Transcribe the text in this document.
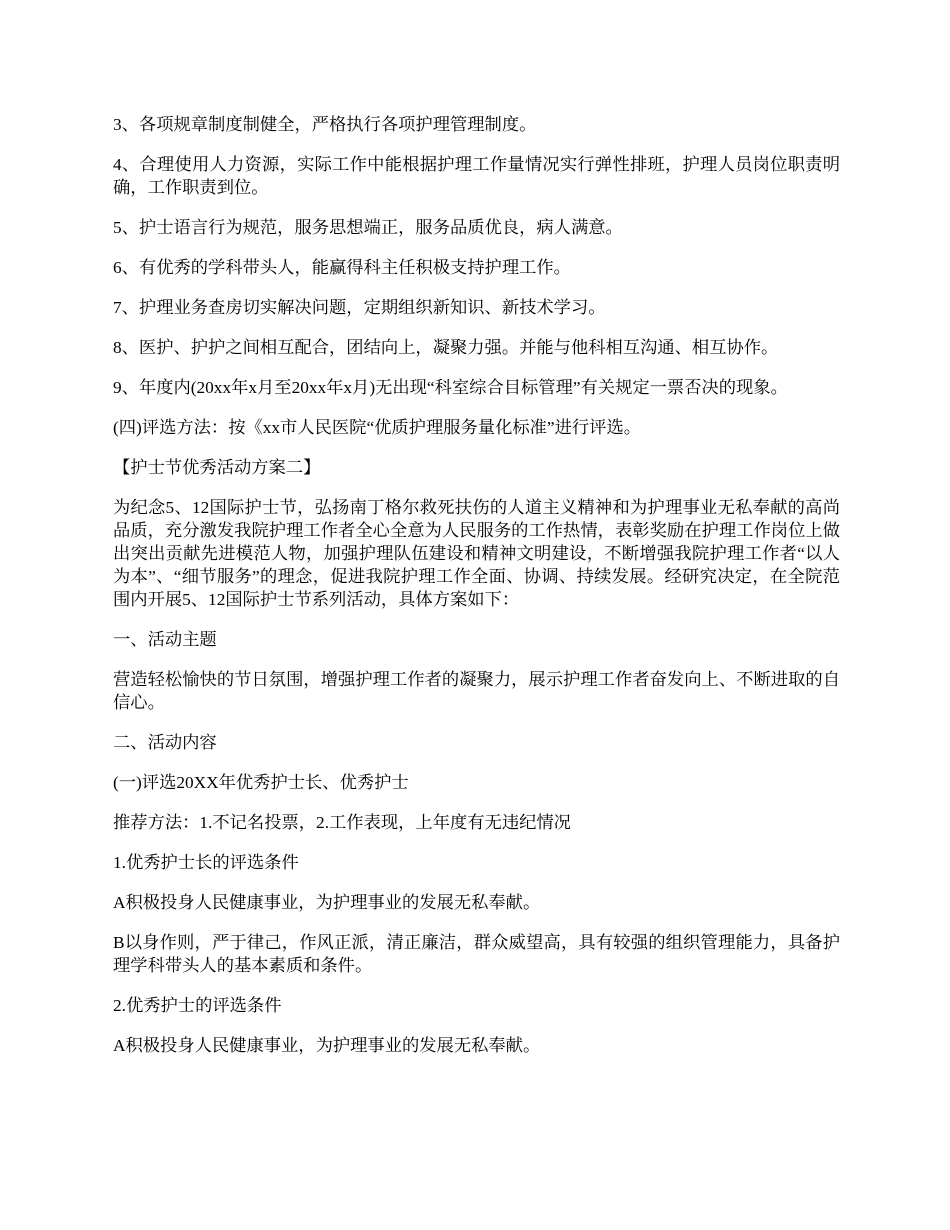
3、各项规章制度制健全，严格执行各项护理管理制度。

4、合理使用人力资源，实际工作中能根据护理工作量情况实行弹性排班，护理人员岗位职责明确，工作职责到位。

5、护士语言行为规范，服务思想端正，服务品质优良，病人满意。

6、有优秀的学科带头人，能赢得科主任积极支持护理工作。

7、护理业务查房切实解决问题，定期组织新知识、新技术学习。

8、医护、护护之间相互配合，团结向上，凝聚力强。并能与他科相互沟通、相互协作。

9、年度内(20xx年x月至20xx年x月)无出现“科室综合目标管理”有关规定一票否决的现象。

(四)评选方法：按《xx市人民医院“优质护理服务量化标准”进行评选。

【护士节优秀活动方案二】

为纪念5、12国际护士节，弘扬南丁格尔救死扶伤的人道主义精神和为护理事业无私奉献的高尚品质，充分激发我院护理工作者全心全意为人民服务的工作热情，表彰奖励在护理工作岗位上做出突出贡献先进模范人物，加强护理队伍建设和精神文明建设，不断增强我院护理工作者“以人为本”、“细节服务”的理念，促进我院护理工作全面、协调、持续发展。经研究决定，在全院范围内开展5、12国际护士节系列活动，具体方案如下：

一、活动主题

营造轻松愉快的节日氛围，增强护理工作者的凝聚力，展示护理工作者奋发向上、不断进取的自信心。

二、活动内容

(一)评选20XX年优秀护士长、优秀护士

推荐方法：1.不记名投票，2.工作表现，上年度有无违纪情况

1.优秀护士长的评选条件

A积极投身人民健康事业，为护理事业的发展无私奉献。

B以身作则，严于律己，作风正派，清正廉洁，群众威望高，具有较强的组织管理能力，具备护理学科带头人的基本素质和条件。

2.优秀护士的评选条件

A积极投身人民健康事业，为护理事业的发展无私奉献。
